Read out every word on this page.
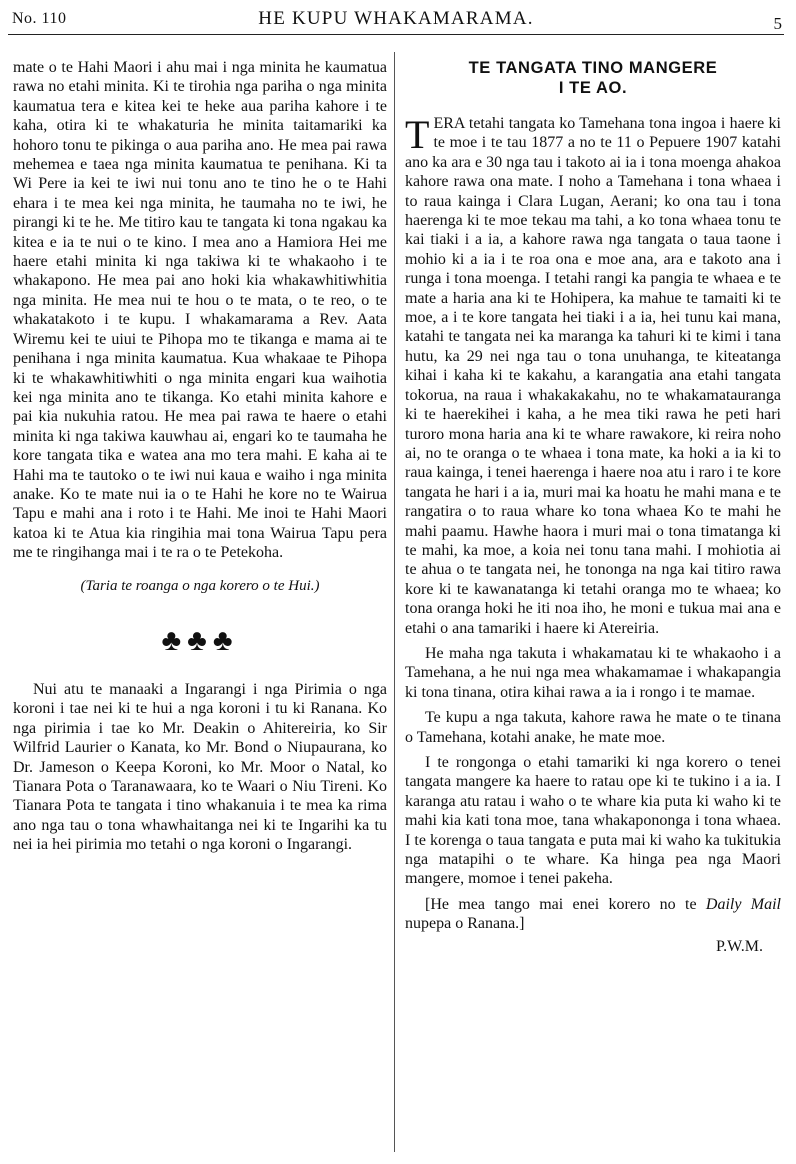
No. 110	HE KUPU WHAKAMARAMA.	5

mate o te Hahi Maori i ahu mai i nga minita he kaumatua rawa no etahi minita. Ki te tirohia nga pariha o nga minita kaumatua tera e kitea kei te heke aua pariha kahore i te kaha, otira ki te whakaturia he minita taitamariki ka hohoro tonu te pikinga o aua pariha ano. He mea pai rawa mehemea e taea nga minita kaumatua te penihana. Ki ta Wi Pere ia kei te iwi nui tonu ano te tino he o te Hahi ehara i te mea kei nga minita, he taumaha no te iwi, he pirangi ki te he. Me titiro kau te tangata ki tona ngakau ka kitea e ia te nui o te kino. I mea ano a Hamiora Hei me haere etahi minita ki nga takiwa ki te whakaoho i te whakapono. He mea pai ano hoki kia whakawhitiwhitia nga minita. He mea nui te hou o te mata, o te reo, o te whakatakoto i te kupu. I whakamarama a Rev. Aata Wiremu kei te uiui te Pihopa mo te tikanga e mama ai te penihana i nga minita kaumatua. Kua whakaae te Pihopa ki te whakawhitiwhiti o nga minita engari kua waihotia kei nga minita ano te tikanga. Ko etahi minita kahore e pai kia nukuhia ratou. He mea pai rawa te haere o etahi minita ki nga takiwa kauwhau ai, engari ko te taumaha he kore tangata tika e watea ana mo tera mahi. E kaha ai te Hahi ma te tautoko o te iwi nui kaua e waiho i nga minita anake. Ko te mate nui ia o te Hahi he kore no te Wairua Tapu e mahi ana i roto i te Hahi. Me inoi te Hahi Maori katoa ki te Atua kia ringihia mai tona Wairua Tapu pera me te ringihanga mai i te ra o te Petekoha.

(Taria te roanga o nga korero o te Hui.)

♣♣♣

Nui atu te manaaki a Ingarangi i nga Pirimia o nga koroni i tae nei ki te hui a nga koroni i tu ki Ranana. Ko nga pirimia i tae ko Mr. Deakin o Ahitereiria, ko Sir Wilfrid Laurier o Kanata, ko Mr. Bond o Niupaurana, ko Dr. Jameson o Keepa Koroni, ko Mr. Moor o Natal, ko Tianara Pota o Taranawaara, ko te Waari o Niu Tireni. Ko Tianara Pota te tangata i tino whakanuia i te mea ka rima ano nga tau o tona whawhaitanga nei ki te Ingarihi ka tu nei ia hei pirimia mo tetahi o nga koroni o Ingarangi.

TE TANGATA TINO MANGERE
I TE AO.

TERA tetahi tangata ko Tamehana tona ingoa i haere ki te moe i te tau 1877 a no te 11 o Pepuere 1907 katahi ano ka ara e 30 nga tau i takoto ai ia i tona moenga ahakoa kahore rawa ona mate. I noho a Tamehana i tona whaea i to raua kainga i Clara Lugan, Aerani; ko ona tau i tona haerenga ki te moe tekau ma tahi, a ko tona whaea tonu te kai tiaki i a ia, a kahore rawa nga tangata o taua taone i mohio ki a ia i te roa ona e moe ana, ara e takoto ana i runga i tona moenga. I tetahi rangi ka pangia te whaea e te mate a haria ana ki te Hohipera, ka mahue te tamaiti ki te moe, a i te kore tangata hei tiaki i a ia, hei tunu kai mana, katahi te tangata nei ka maranga ka tahuri ki te kimi i tana hutu, ka 29 nei nga tau o tona unuhanga, te kiteatanga kihai i kaha ki te kakahu, a karangatia ana etahi tangata tokorua, na raua i whakakakahu, no te whakamatauranga ki te haerekihei i kaha, a he mea tiki rawa he peti hari turoro mona haria ana ki te whare rawakore, ki reira noho ai, no te oranga o te whaea i tona mate, ka hoki a ia ki to raua kainga, i tenei haerenga i haere noa atu i raro i te kore tangata he hari i a ia, muri mai ka hoatu he mahi mana e te rangatira o to raua whare ko tona whaea Ko te mahi he mahi paamu. Hawhe haora i muri mai o tona timatanga ki te mahi, ka moe, a koia nei tonu tana mahi. I mohiotia ai te ahua o te tangata nei, he tononga na nga kai titiro rawa kore ki te kawanatanga ki tetahi oranga mo te whaea; ko tona oranga hoki he iti noa iho, he moni e tukua mai ana e etahi o ana tamariki i haere ki Atereiria.

He maha nga takuta i whakamatau ki te whakaoho i a Tamehana, a he nui nga mea whakamamae i whakapangia ki tona tinana, otira kihai rawa a ia i rongo i te mamae.

Te kupu a nga takuta, kahore rawa he mate o te tinana o Tamehana, kotahi anake, he mate moe.

I te rongonga o etahi tamariki ki nga korero o tenei tangata mangere ka haere to ratau ope ki te tukino i a ia. I karanga atu ratau i waho o te whare kia puta ki waho ki te mahi kia kati tona moe, tana whakapononga i tona whaea. I te korenga o taua tangata e puta mai ki waho ka tukitukia nga matapihi o te whare. Ka hinga pea nga Maori mangere, momoe i tenei pakeha.

[He mea tango mai enei korero no te Daily Mail nupepa o Ranana.]

P.W.M.
